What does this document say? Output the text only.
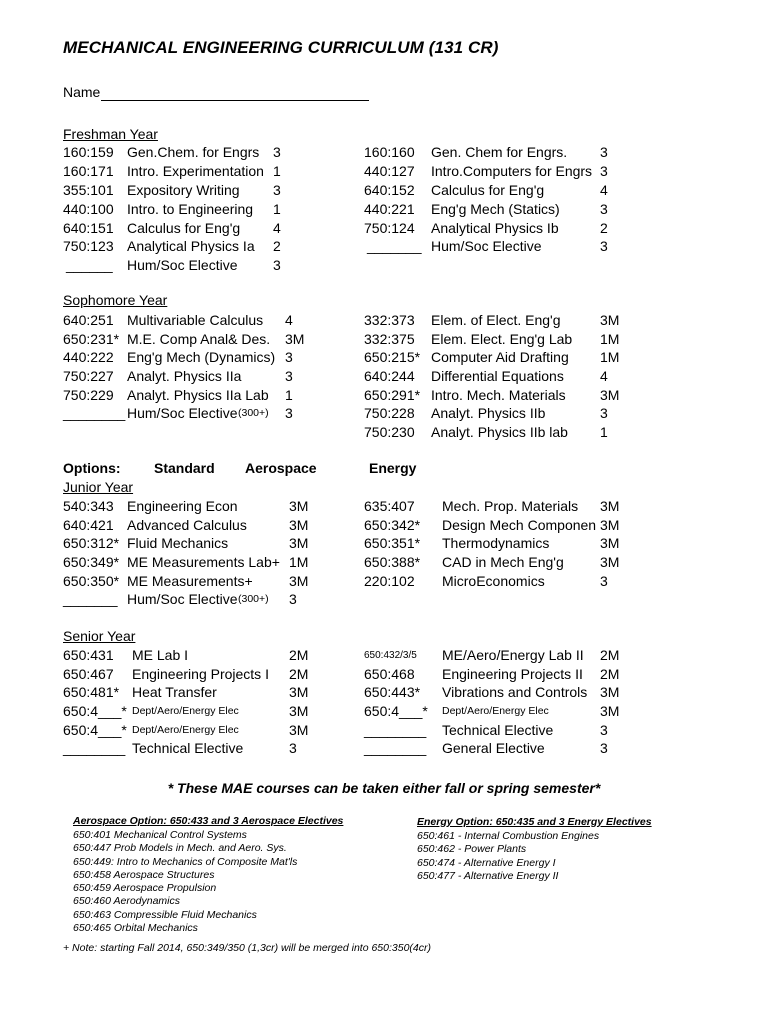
MECHANICAL ENGINEERING CURRICULUM (131 CR)
Name
Freshman Year
160:159 Gen.Chem. for Engrs 3
160:171 Intro. Experimentation 1
355:101 Expository Writing 3
440:100 Intro. to Engineering 1
640:151 Calculus for Eng'g 4
750:123 Analytical Physics Ia 2
______ Hum/Soc Elective	3
160:160 Gen. Chem for Engrs. 3
440:127 Intro.Computers for Engrs 3
640:152 Calculus for Eng'g	4
440:221 Eng'g Mech (Statics)	3
750:124 Analytical Physics Ib	2
_______ Hum/Soc Elective	3
Sophomore Year
640:251 Multivariable Calculus 4
650:231* M.E. Comp Anal& Des. 3M
440:222 Eng'g Mech (Dynamics) 3
750:227 Analyt. Physics IIa	3
750:229 Analyt. Physics IIa Lab 1
________ Hum/Soc Elective (300+) 3
332:373 Elem. of Elect. Eng'g	3M
332:375 Elem. Elect. Eng'g Lab 1M
650:215* Computer Aid Drafting 1M
640:244 Differential Equations	4
650:291* Intro. Mech. Materials 3M
750:228 Analyt. Physics IIb	3
750:230 Analyt. Physics IIb lab 1
Options: Standard Aerospace	Energy
Junior Year
540:343 Engineering Econ	3M
640:421 Advanced Calculus	3M
650:312* Fluid Mechanics	3M
650:349* ME Measurements Lab+ 1M
650:350* ME Measurements+	3M
_______ Hum/Soc Elective (300+) 3
635:407 Mech. Prop. Materials 3M
650:342* Design Mech Componen 3M
650:351* Thermodynamics	3M
650:388* CAD in Mech Eng'g	3M
220:102 MicroEconomics	3
Senior Year
650:431 ME Lab I	2M
650:467 Engineering Projects I 2M
650:481* Heat Transfer	3M
650:4___* Dept/Aero/Energy Elec	3M
650:4___* Dept/Aero/Energy Elec	3M
________ Technical Elective	3
650:432/3/5 ME/Aero/Energy Lab II 2M
650:468 Engineering Projects II 2M
650:443* Vibrations and Controls 3M
650:4___* Dept/Aero/Energy Elec	3M
________ Technical Elective	3
________ General Elective	3
* These MAE courses can be taken either fall or spring semester*
Aerospace Option: 650:433 and 3 Aerospace Electives
650:401 Mechanical Control Systems
650:447 Prob Models in Mech. and Aero. Sys.
650:449: Intro to Mechanics of Composite Mat'ls
650:458 Aerospace Structures
650:459 Aerospace Propulsion
650:460 Aerodynamics
650:463 Compressible Fluid Mechanics
650:465 Orbital Mechanics
Energy Option: 650:435 and 3 Energy Electives
650:461 - Internal Combustion Engines
650:462 - Power Plants
650:474 - Alternative Energy I
650:477 - Alternative Energy II
+ Note: starting Fall 2014, 650:349/350 (1,3cr) will be merged into 650:350(4cr)
